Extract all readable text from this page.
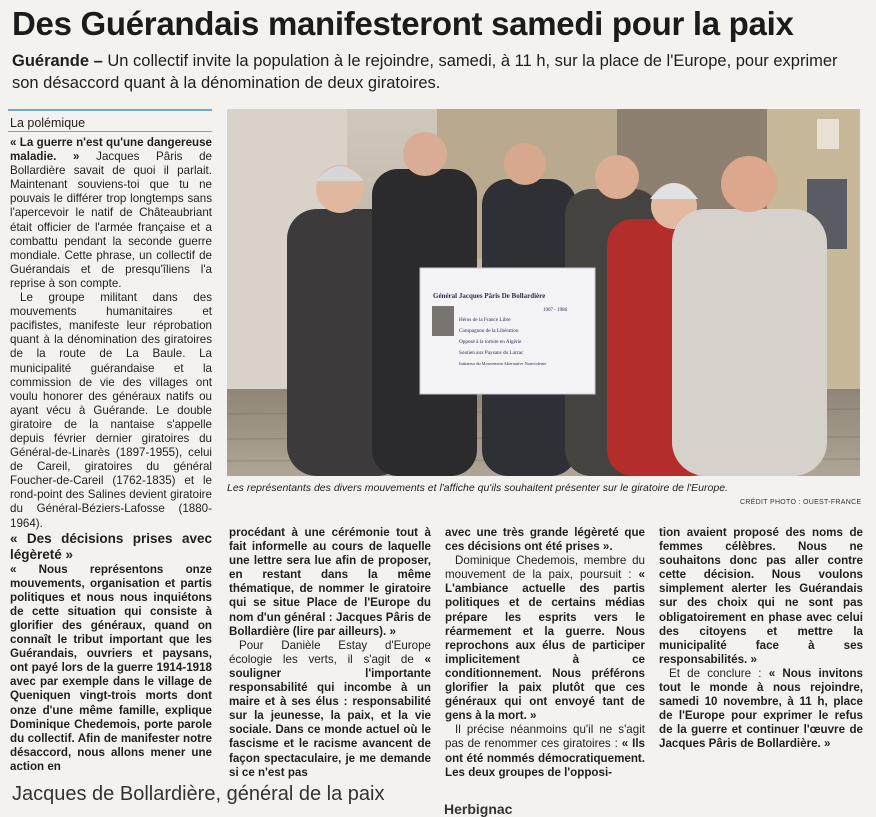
Des Guérandais manifesteront samedi pour la paix
Guérande – Un collectif invite la population à le rejoindre, samedi, à 11 h, sur la place de l'Europe, pour exprimer son désaccord quant à la dénomination de deux giratoires.
La polémique

« La guerre n'est qu'une dangereuse maladie. » Jacques Pâris de Bollardière savait de quoi il parlait. Maintenant souviens-toi que tu ne pouvais le différer trop longtemps sans l'apercevoir le natif de Châteaubriant était officier de l'armée française et a combattu pendant la seconde guerre mondiale. Cette phrase, un collectif de Guérandais et de presqu'îliens l'a reprise à son compte.

Le groupe militant dans des mouvements humanitaires et pacifistes, manifeste leur réprobation quant à la dénomination des giratoires de la route de La Baule. La municipalité guérandaise et la commission de vie des villages ont voulu honorer des généraux natifs ou ayant vécu à Guérande. Le double giratoire de la nantaise s'appelle depuis février dernier giratoires du Général-de-Linarès (1897-1955), celui de Careil, giratoires du général Foucher-de-Careil (1762-1835) et le rond-point des Salines devient giratoire du Général-Béziers-Lafosse (1880-1964).

« Des décisions prises avec légèreté »

« Nous représentons onze mouvements, organisation et partis politiques et nous nous inquiétons de cette situation qui consiste à glorifier des généraux, quand on connaît le tribut important que les Guérandais, ouvriers et paysans, ont payé lors de la guerre 1914-1918 avec par exemple dans le village de Queniquen vingt-trois morts dont onze d'une même famille, explique Dominique Chedemois, porte parole du collectif. Afin de manifester notre désaccord, nous allons mener une action en

Général Jacques Pâris De Bollardière
1907 - 1986
Héros de la France Libre
Compagnon de la Libération
Opposé à la torture en Algérie
Soutien aux Paysans du Larzac
Initiateur du Mouvement Alternative Nonviolente
Les représentants des divers mouvements et l'affiche qu'ils souhaitent présenter sur le giratoire de l'Europe.
CRÉDIT PHOTO : OUEST-FRANCE

procédant à une cérémonie tout à fait informelle au cours de laquelle une lettre sera lue afin de proposer, en restant dans la même thématique, de nommer le giratoire qui se situe Place de l'Europe du nom d'un général : Jacques Pâris de Bollardière (lire par ailleurs). »

Pour Danièle Estay d'Europe écologie les verts, il s'agit de « souligner l'importante responsabilité qui incombe à un maire et à ses élus : responsabilité sur la jeunesse, la paix, et la vie sociale. Dans ce monde actuel où le fascisme et le racisme avancent de façon spectaculaire, je me demande si ce n'est pas

avec une très grande légèreté que ces décisions ont été prises ».

Dominique Chedemois, membre du mouvement de la paix, poursuit : « L'ambiance actuelle des partis politiques et de certains médias prépare les esprits vers le réarmement et la guerre. Nous reprochons aux élus de participer implicitement à ce conditionnement. Nous préférons glorifier la paix plutôt que ces généraux qui ont envoyé tant de gens à la mort. »

Il précise néanmoins qu'il ne s'agit pas de renommer ces giratoires : « Ils ont été nommés démocratiquement. Les deux groupes de l'opposi-

tion avaient proposé des noms de femmes célèbres. Nous ne souhaitons donc pas aller contre cette décision. Nous voulons simplement alerter les Guérandais sur des choix qui ne sont pas obligatoirement en phase avec celui des citoyens et mettre la municipalité face à ses responsabilités. »

Et de conclure : « Nous invitons tout le monde à nous rejoindre, samedi 10 novembre, à 11 h, place de l'Europe pour exprimer le refus de la guerre et continuer l'œuvre de Jacques Pâris de Bollardière. »

Jacques de Bollardière, général de la paix
Herbignac
